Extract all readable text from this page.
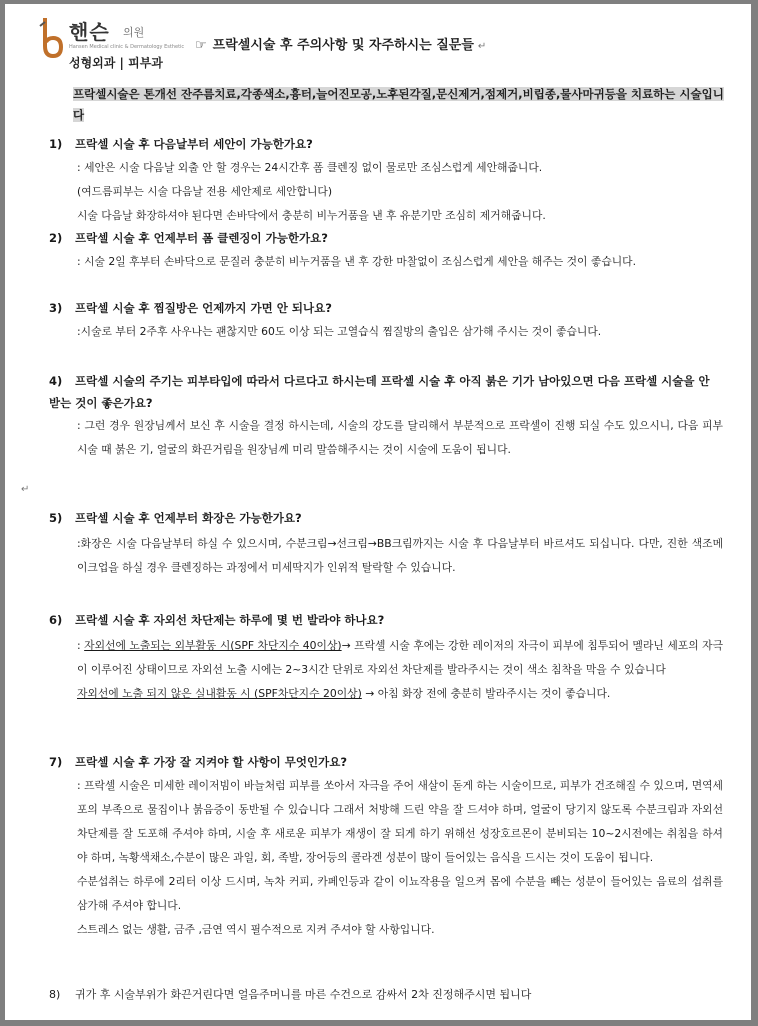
핸슨 의원
Hansen Medical clinic & Dermatology Esthetic
성형외과 | 피부과
☞ 프락셀시술 후 주의사항 및 자주하시는 질문들 ↵
프락셀시술은 톤개선 잔주름치료,각종색소,흉터,늘어진모공,노후된각질,문신제거,점제거,비립종,물사마귀등을 치료하는 시술입니다
1) 프락셀 시술 후 다음날부터 세안이 가능한가요?

: 세안은 시술 다음날 외출 안 할 경우는 24시간후 폼 클렌징 없이 물로만 조심스럽게 세안해줍니다.

(여드름피부는 시술 다음날 전용 세안제로 세안합니다)

시술 다음날 화장하셔야 된다면 손바닥에서 충분히 비누거품을 낸 후 유분기만 조심히 제거해줍니다.

2) 프락셀 시술 후 언제부터 폼 클렌징이 가능한가요?

: 시술 2일 후부터 손바닥으로 문질러 충분히 비누거품을 낸 후 강한 마찰없이 조심스럽게 세안을 해주는 것이 좋습니다.

3) 프락셀 시술 후 찜질방은 언제까지 가면 안 되나요?

:시술로 부터 2주후 사우나는 괜찮지만 60도 이상 되는 고열습식 찜질방의 출입은 삼가해 주시는 것이 좋습니다.

4) 프락셀 시술의 주기는 피부타입에 따라서 다르다고 하시는데 프락셀 시술 후 아직 붉은 기가 남아있으면 다음 프락셀 시술을 안 받는 것이 좋은가요?

: 그런 경우 원장님께서 보신 후 시술을 결정 하시는데, 시술의 강도를 달리해서 부분적으로 프락셀이 진행 되실 수도 있으시니, 다음 피부 시술 때 붉은 기, 얼굴의 화끈거림을 원장님께 미리 말씀해주시는 것이 시술에 도움이 됩니다.

↵
5) 프락셀 시술 후 언제부터 화장은 가능한가요?

:화장은 시술 다음날부터 하실 수 있으시며, 수분크림→선크림→BB크림까지는 시술 후 다음날부터 바르셔도 되십니다. 다만, 진한 색조메이크업을 하실 경우 클렌징하는 과정에서 미세딱지가 인위적 탈락할 수 있습니다.

6) 프락셀 시술 후 자외선 차단제는 하루에 몇 번 발라야 하나요?

: 자외선에 노출되는 외부활동 시(SPF 차단지수 40이상)→ 프락셀 시술 후에는 강한 레이저의 자극이 피부에 침투되어 멜라닌 세포의 자극이 이루어진 상태이므로 자외선 노출 시에는 2~3시간 단위로 자외선 차단제를 발라주시는 것이 색소 침착을 막을 수 있습니다

자외선에 노출 되지 않은 실내활동 시 (SPF차단지수 20이상) → 아침 화장 전에 충분히 발라주시는 것이 좋습니다.

7) 프락셀 시술 후 가장 잘 지켜야 할 사항이 무엇인가요?

: 프락셀 시술은 미세한 레이저빔이 바늘처럼 피부를 쏘아서 자극을 주어 새살이 돋게 하는 시술이므로, 피부가 건조해질 수 있으며, 면역세포의 부족으로 물집이나 붉음증이 동반될 수 있습니다 그래서 처방해 드린 약을 잘 드셔야 하며, 얼굴이 당기지 않도록 수분크림과 자외선 차단제를 잘 도포해 주셔야 하며, 시술 후 새로운 피부가 재생이 잘 되게 하기 위해선 성장호르몬이 분비되는 10~2시전에는 취침을 하셔야 하며, 녹황색채소,수분이 많은 과일, 회, 족발, 장어등의 콜라겐 성분이 많이 들어있는 음식을 드시는 것이 도움이 됩니다.

수분섭취는 하루에 2리터 이상 드시며, 녹차 커피, 카페인등과 같이 이뇨작용을 일으켜 몸에 수분을 빼는 성분이 들어있는 음료의 섭취를 삼가해 주셔야 합니다.

스트레스 없는 생활, 금주 ,금연 역시 필수적으로 지켜 주셔야 할 사항입니다.

8) 귀가 후 시술부위가 화끈거린다면 얼음주머니를 마른 수건으로 감싸서 2차 진정해주시면 됩니다
